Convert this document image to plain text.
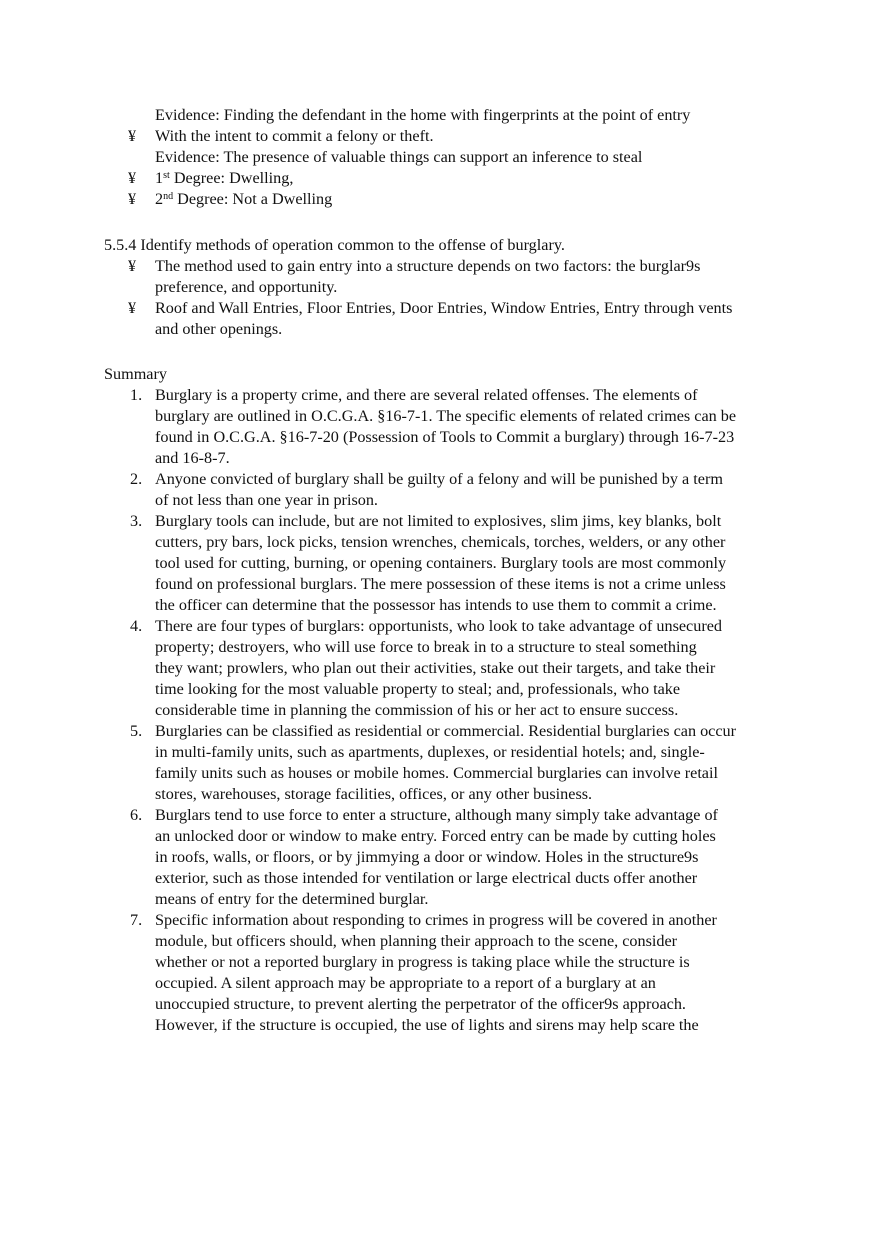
Evidence: Finding the defendant in the home with fingerprints at the point of entry
¥ With the intent to commit a felony or theft.
Evidence: The presence of valuable things can support an inference to steal
¥ 1st Degree: Dwelling,
¥ 2nd Degree: Not a Dwelling
5.5.4 Identify methods of operation common to the offense of burglary.
¥ The method used to gain entry into a structure depends on two factors: the burglar9s
preference, and opportunity.
¥ Roof and Wall Entries, Floor Entries, Door Entries, Window Entries, Entry through vents
and other openings.
Summary
1. Burglary is a property crime, and there are several related offenses. The elements of
burglary are outlined in O.C.G.A. §16-7-1. The specific elements of related crimes can be
found in O.C.G.A. §16-7-20 (Possession of Tools to Commit a burglary) through 16-7-23
and 16-8-7.
2. Anyone convicted of burglary shall be guilty of a felony and will be punished by a term
of not less than one year in prison.
3. Burglary tools can include, but are not limited to explosives, slim jims, key blanks, bolt
cutters, pry bars, lock picks, tension wrenches, chemicals, torches, welders, or any other
tool used for cutting, burning, or opening containers. Burglary tools are most commonly
found on professional burglars. The mere possession of these items is not a crime unless
the officer can determine that the possessor has intends to use them to commit a crime.
4. There are four types of burglars: opportunists, who look to take advantage of unsecured
property; destroyers, who will use force to break in to a structure to steal something
they want; prowlers, who plan out their activities, stake out their targets, and take their
time looking for the most valuable property to steal; and, professionals, who take
considerable time in planning the commission of his or her act to ensure success.
5. Burglaries can be classified as residential or commercial. Residential burglaries can occur
in multi-family units, such as apartments, duplexes, or residential hotels; and, single-
family units such as houses or mobile homes. Commercial burglaries can involve retail
stores, warehouses, storage facilities, offices, or any other business.
6. Burglars tend to use force to enter a structure, although many simply take advantage of
an unlocked door or window to make entry. Forced entry can be made by cutting holes
in roofs, walls, or floors, or by jimmying a door or window. Holes in the structure9s
exterior, such as those intended for ventilation or large electrical ducts offer another
means of entry for the determined burglar.
7. Specific information about responding to crimes in progress will be covered in another
module, but officers should, when planning their approach to the scene, consider
whether or not a reported burglary in progress is taking place while the structure is
occupied. A silent approach may be appropriate to a report of a burglary at an
unoccupied structure, to prevent alerting the perpetrator of the officer9s approach.
However, if the structure is occupied, the use of lights and sirens may help scare the
